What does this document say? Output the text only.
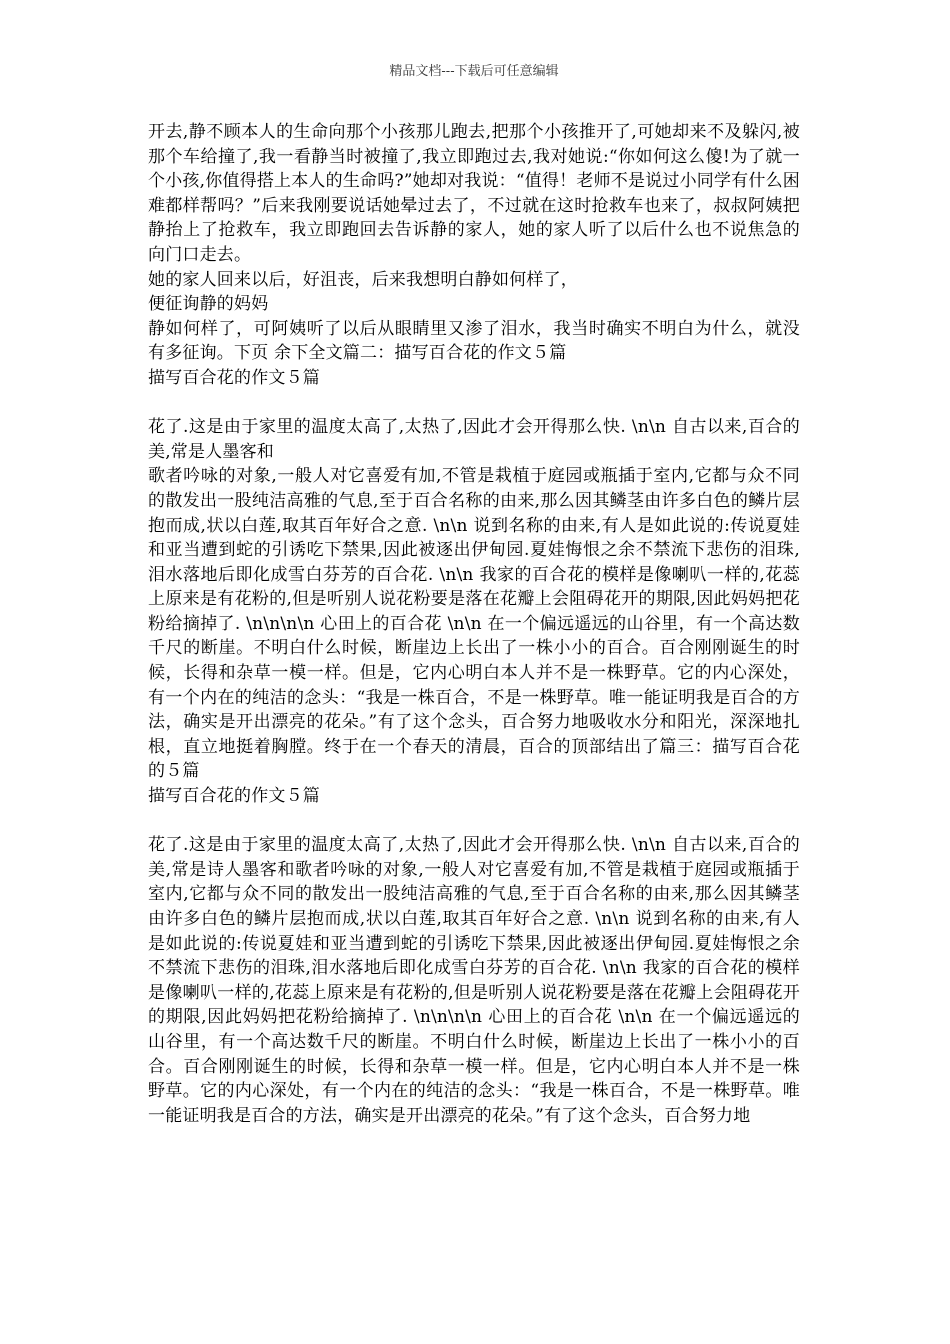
精品文档---下载后可任意编辑

开去,静不顾本人的生命向那个小孩那儿跑去,把那个小孩推开了,可她却来不及躲闪,被那个车给撞了,我一看静当时被撞了,我立即跑过去,我对她说:“你如何这么傻!为了就一个小孩,你值得搭上本人的生命吗?”她却对我说：“值得！老师不是说过小同学有什么困难都样帮吗？”后来我刚要说话她晕过去了，不过就在这时抢救车也来了，叔叔阿姨把静抬上了抢救车，我立即跑回去告诉静的家人，她的家人听了以后什么也不说焦急的向门口走去。

她的家人回来以后，好沮丧，后来我想明白静如何样了，

便征询静的妈妈

静如何样了，可阿姨听了以后从眼睛里又渗了泪水，我当时确实不明白为什么，就没有多征询。下页 余下全文篇二：描写百合花的作文５篇

描写百合花的作文５篇

花了.这是由于家里的温度太高了,太热了,因此才会开得那么快. \n\n 自古以来,百合的美,常是人墨客和

歌者吟咏的对象,一般人对它喜爱有加,不管是栽植于庭园或瓶插于室内,它都与众不同的散发出一股纯洁高雅的气息,至于百合名称的由来,那么因其鳞茎由许多白色的鳞片层抱而成,状以白莲,取其百年好合之意. \n\n 说到名称的由来,有人是如此说的:传说夏娃和亚当遭到蛇的引诱吃下禁果,因此被逐出伊甸园.夏娃悔恨之余不禁流下悲伤的泪珠,泪水落地后即化成雪白芬芳的百合花. \n\n 我家的百合花的模样是像喇叭一样的,花蕊上原来是有花粉的,但是听别人说花粉要是落在花瓣上会阻碍花开的期限,因此妈妈把花粉给摘掉了. \n\n\n\n 心田上的百合花 \n\n 在一个偏远遥远的山谷里，有一个高达数千尺的断崖。不明白什么时候，断崖边上长出了一株小小的百合。百合刚刚诞生的时候，长得和杂草一模一样。但是，它内心明白本人并不是一株野草。它的内心深处，有一个内在的纯洁的念头：“我是一株百合，不是一株野草。唯一能证明我是百合的方法，确实是开出漂亮的花朵。”有了这个念头，百合努力地吸收水分和阳光，深深地扎根，直立地挺着胸膛。终于在一个春天的清晨，百合的顶部结出了篇三：描写百合花的５篇

描写百合花的作文５篇

花了.这是由于家里的温度太高了,太热了,因此才会开得那么快. \n\n 自古以来,百合的美,常是诗人墨客和歌者吟咏的对象,一般人对它喜爱有加,不管是栽植于庭园或瓶插于室内,它都与众不同的散发出一股纯洁高雅的气息,至于百合名称的由来,那么因其鳞茎由许多白色的鳞片层抱而成,状以白莲,取其百年好合之意. \n\n 说到名称的由来,有人是如此说的:传说夏娃和亚当遭到蛇的引诱吃下禁果,因此被逐出伊甸园.夏娃悔恨之余不禁流下悲伤的泪珠,泪水落地后即化成雪白芬芳的百合花. \n\n 我家的百合花的模样是像喇叭一样的,花蕊上原来是有花粉的,但是听别人说花粉要是落在花瓣上会阻碍花开的期限,因此妈妈把花粉给摘掉了. \n\n\n\n 心田上的百合花 \n\n 在一个偏远遥远的山谷里，有一个高达数千尺的断崖。不明白什么时候，断崖边上长出了一株小小的百合。百合刚刚诞生的时候，长得和杂草一模一样。但是，它内心明白本人并不是一株野草。它的内心深处，有一个内在的纯洁的念头：“我是一株百合，不是一株野草。唯一能证明我是百合的方法，确实是开出漂亮的花朵。”有了这个念头，百合努力地
